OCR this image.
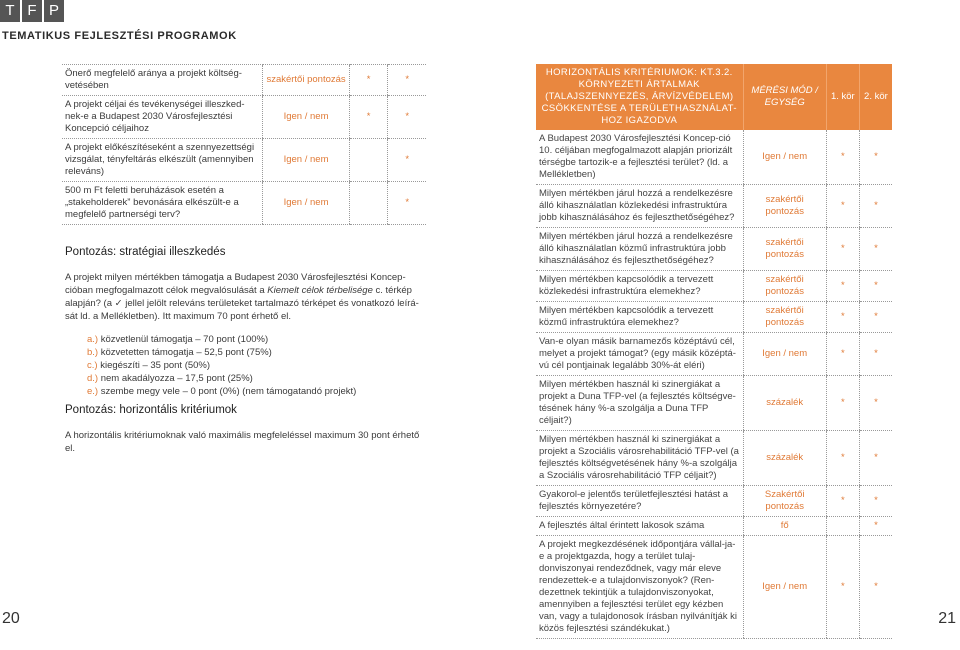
T F P
TEMATIKUS FEJLESZTÉSI PROGRAMOK
Önerő megfelelő aránya a projekt költség-vetésében	szakértői pontozás	*	*
A projekt céljai és tevékenységei illeszked-nek-e a Budapest 2030 Városfejlesztési Koncepció céljaihoz	Igen / nem	*	*
A projekt előkészítéseként a szennyezettségi vizsgálat, tényfeltárás elkészült (amennyiben releváns)	Igen / nem		*
500 m Ft feletti beruházások esetén a „stakeholderek” bevonására elkészült-e a megfelelő partnerségi terv?	Igen / nem		*
Pontozás: stratégiai illeszkedés
A projekt milyen mértékben támogatja a Budapest 2030 Városfejlesztési Koncep-cióban megfogalmazott célok megvalósulását a Kiemelt célok térbelisége c. térkép alapján? (a ✓ jellel jelölt releváns területeket tartalmazó térképet és vonatkozó leírá-sát ld. a Mellékletben). Itt maximum 70 pont érhető el.
a.) közvetlenül támogatja – 70 pont (100%)
b.) közvetetten támogatja – 52,5 pont (75%)
c.) kiegészíti – 35 pont (50%)
d.) nem akadályozza – 17,5 pont (25%)
e.) szembe megy vele – 0 pont (0%) (nem támogatandó projekt)
Pontozás: horizontális kritériumok
A horizontális kritériumoknak való maximális megfeleléssel maximum 30 pont érhető el.
HORIZONTÁLIS KRITÉRIUMOK: KT.3.2.
KÖRNYEZETI ÁRTALMAK (TALAJSZENNYEZÉS, ÁRVÍZVÉDELEM) CSÖKKENTÉSE A TERÜLETHASZNÁLAT-HOZ IGAZODVA	MÉRÉSI MÓD / EGYSÉG	1. kör	2. kör
A Budapest 2030 Városfejlesztési Koncep-ció 10. céljában megfogalmazott alapján priorizált térségbe tartozik-e a fejlesztési terület? (ld. a Mellékletben)	Igen / nem	*	*
Milyen mértékben járul hozzá a rendelkezésre álló kihasználatlan közlekedési infrastruktúra jobb kihasználásához és fejleszthetőségéhez?	szakértői pontozás	*	*
Milyen mértékben járul hozzá a rendelkezésre álló kihasználatlan közmű infrastruktúra jobb kihasználásához és fejleszthetőségéhez?	szakértői pontozás	*	*
Milyen mértékben kapcsolódik a tervezett közlekedési infrastruktúra elemekhez?	szakértői pontozás	*	*
Milyen mértékben kapcsolódik a tervezett közmű infrastruktúra elemekhez?	szakértői pontozás	*	*
Van-e olyan másik barnamezős középtávú cél, melyet a projekt támogat? (egy másik középtá-vú cél pontjainak legalább 30%-át eléri)	Igen / nem	*	*
Milyen mértékben használ ki szinergiákat a projekt a Duna TFP-vel (a fejlesztés költségve-tésének hány %-a szolgálja a Duna TFP céljait?)	százalék	*	*
Milyen mértékben használ ki szinergiákat a projekt a Szociális városrehabilitáció TFP-vel (a fejlesztés költségvetésének hány %-a szolgálja a Szociális városrehabilitáció TFP céljait?)	százalék	*	*
Gyakorol-e jelentős területfejlesztési hatást a fejlesztés környezetére?	Szakértői pontozás	*	*
A fejlesztés által érintett lakosok száma	fő		*
A projekt megkezdésének időpontjára vállal-ja-e a projektgazda, hogy a terület tulaj-donviszonyai rendeződnek, vagy már eleve rendezettek-e a tulajdonviszonyok? (Ren-dezettnek tekintjük a tulajdonviszonyokat, amennyiben a fejlesztési terület egy kézben van, vagy a tulajdonosok írásban nyilvánítják ki közös fejlesztési szándékukat.)	Igen / nem	*	*
20	21
